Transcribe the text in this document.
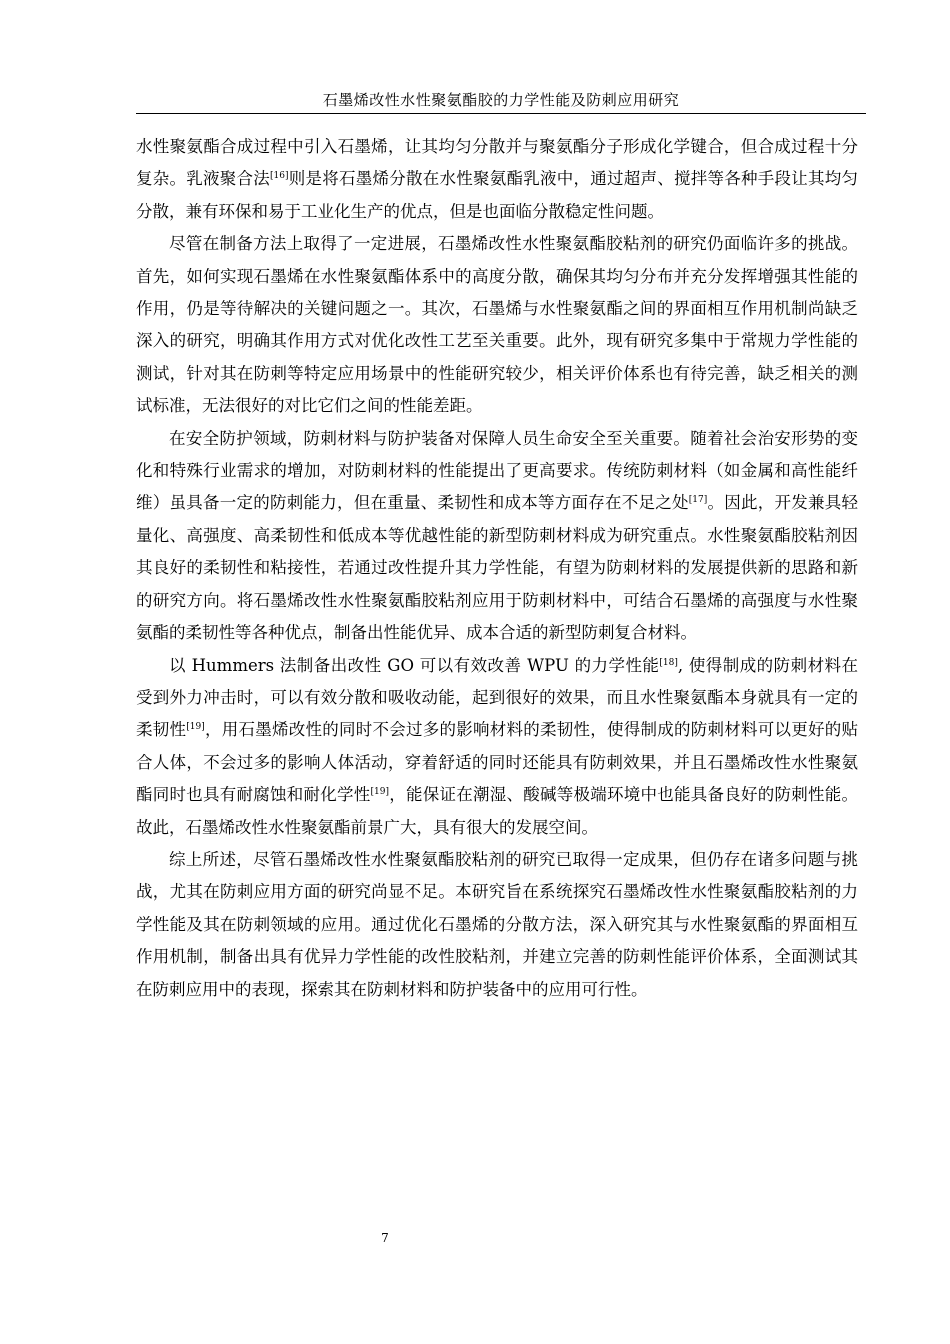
石墨烯改性水性聚氨酯胶的力学性能及防刺应用研究

水性聚氨酯合成过程中引入石墨烯，让其均匀分散并与聚氨酯分子形成化学键合，但合成过程十分复杂。乳液聚合法[16]则是将石墨烯分散在水性聚氨酯乳液中，通过超声、搅拌等各种手段让其均匀分散，兼有环保和易于工业化生产的优点，但是也面临分散稳定性问题。

尽管在制备方法上取得了一定进展，石墨烯改性水性聚氨酯胶粘剂的研究仍面临许多的挑战。首先，如何实现石墨烯在水性聚氨酯体系中的高度分散，确保其均匀分布并充分发挥增强其性能的作用，仍是等待解决的关键问题之一。其次，石墨烯与水性聚氨酯之间的界面相互作用机制尚缺乏深入的研究，明确其作用方式对优化改性工艺至关重要。此外，现有研究多集中于常规力学性能的测试，针对其在防刺等特定应用场景中的性能研究较少，相关评价体系也有待完善，缺乏相关的测试标准，无法很好的对比它们之间的性能差距。

在安全防护领域，防刺材料与防护装备对保障人员生命安全至关重要。随着社会治安形势的变化和特殊行业需求的增加，对防刺材料的性能提出了更高要求。传统防刺材料（如金属和高性能纤维）虽具备一定的防刺能力，但在重量、柔韧性和成本等方面存在不足之处[17]。因此，开发兼具轻量化、高强度、高柔韧性和低成本等优越性能的新型防刺材料成为研究重点。水性聚氨酯胶粘剂因其良好的柔韧性和粘接性，若通过改性提升其力学性能，有望为防刺材料的发展提供新的思路和新的研究方向。将石墨烯改性水性聚氨酯胶粘剂应用于防刺材料中，可结合石墨烯的高强度与水性聚氨酯的柔韧性等各种优点，制备出性能优异、成本合适的新型防刺复合材料。

以 Hummers 法制备出改性 GO 可以有效改善 WPU 的力学性能[18], 使得制成的防刺材料在受到外力冲击时，可以有效分散和吸收动能，起到很好的效果，而且水性聚氨酯本身就具有一定的柔韧性[19]，用石墨烯改性的同时不会过多的影响材料的柔韧性，使得制成的防刺材料可以更好的贴合人体，不会过多的影响人体活动，穿着舒适的同时还能具有防刺效果，并且石墨烯改性水性聚氨酯同时也具有耐腐蚀和耐化学性[19]，能保证在潮湿、酸碱等极端环境中也能具备良好的防刺性能。故此，石墨烯改性水性聚氨酯前景广大，具有很大的发展空间。

综上所述，尽管石墨烯改性水性聚氨酯胶粘剂的研究已取得一定成果，但仍存在诸多问题与挑战，尤其在防刺应用方面的研究尚显不足。本研究旨在系统探究石墨烯改性水性聚氨酯胶粘剂的力学性能及其在防刺领域的应用。通过优化石墨烯的分散方法，深入研究其与水性聚氨酯的界面相互作用机制，制备出具有优异力学性能的改性胶粘剂，并建立完善的防刺性能评价体系，全面测试其在防刺应用中的表现，探索其在防刺材料和防护装备中的应用可行性。

7
